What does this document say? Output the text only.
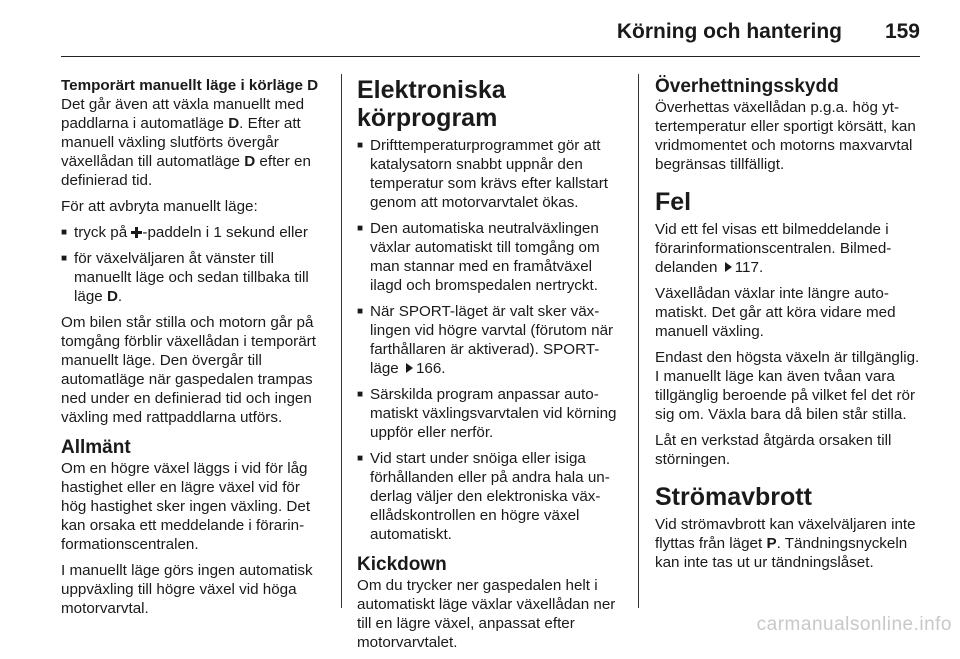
Körning och hantering 159
Temporärt manuellt läge i körläge D

Det går även att växla manuellt med paddlarna i automatläge D. Efter att manuell växling slutförts övergår växellådan till automatläge D efter en definierad tid.

För att avbryta manuellt läge:

■ tryck på -paddeln i 1 sekund eller
■ för växelväljaren åt vänster till manuellt läge och sedan tillbaka till läge D.

Om bilen står stilla och motorn går på tomgång förblir växellådan i temporärt manuellt läge. Den övergår till automatläge när gaspedalen trampas ned under en definierad tid och ingen växling med rattpaddlarna utförs.

Allmänt

Om en högre växel läggs i vid för låg hastighet eller en lägre växel vid för hög hastighet sker ingen växling. Det kan orsaka ett meddelande i förarinformationscentralen.

I manuellt läge görs ingen automatisk uppväxling till högre växel vid höga motorvarvtal.

Elektroniska körprogram
■ Drifttemperaturprogrammet gör att katalysatorn snabbt uppnår den temperatur som krävs efter kallstart genom att motorvarvtalet ökas.
■ Den automatiska neutralväxlingen växlar automatiskt till tomgång om man stannar med en framåtväxel ilagd och bromspedalen nertryckt.
■ När SPORT-läget är valt sker växlingen vid högre varvtal (förutom när farthållaren är aktiverad). SPORT-läge 166.
■ Särskilda program anpassar automatiskt växlingsvarvtalen vid körning uppför eller nerför.
■ Vid start under snöiga eller isiga förhållanden eller på andra hala underlag väljer den elektroniska växellådskontrollen en högre växel automatiskt.
Kickdown

Om du trycker ner gaspedalen helt i automatiskt läge växlar växellådan ner till en lägre växel, anpassat efter motorvarvtalet.

Överhettningsskydd

Överhettas växellådan p.g.a. hög yttertemperatur eller sportigt körsätt, kan vridmomentet och motorns maxvarvtal begränsas tillfälligt.

Fel

Vid ett fel visas ett bilmeddelande i förarinformationscentralen. Bilmeddelanden 117.

Växellådan växlar inte längre automatiskt. Det går att köra vidare med manuell växling.

Endast den högsta växeln är tillgänglig. I manuellt läge kan även tvåan vara tillgänglig beroende på vilket fel det rör sig om. Växla bara då bilen står stilla.

Låt en verkstad åtgärda orsaken till störningen.

Strömavbrott

Vid strömavbrott kan växelväljaren inte flyttas från läget P. Tändningsnyckeln kan inte tas ut ur tändningslåset.

carmanualsonline.info
